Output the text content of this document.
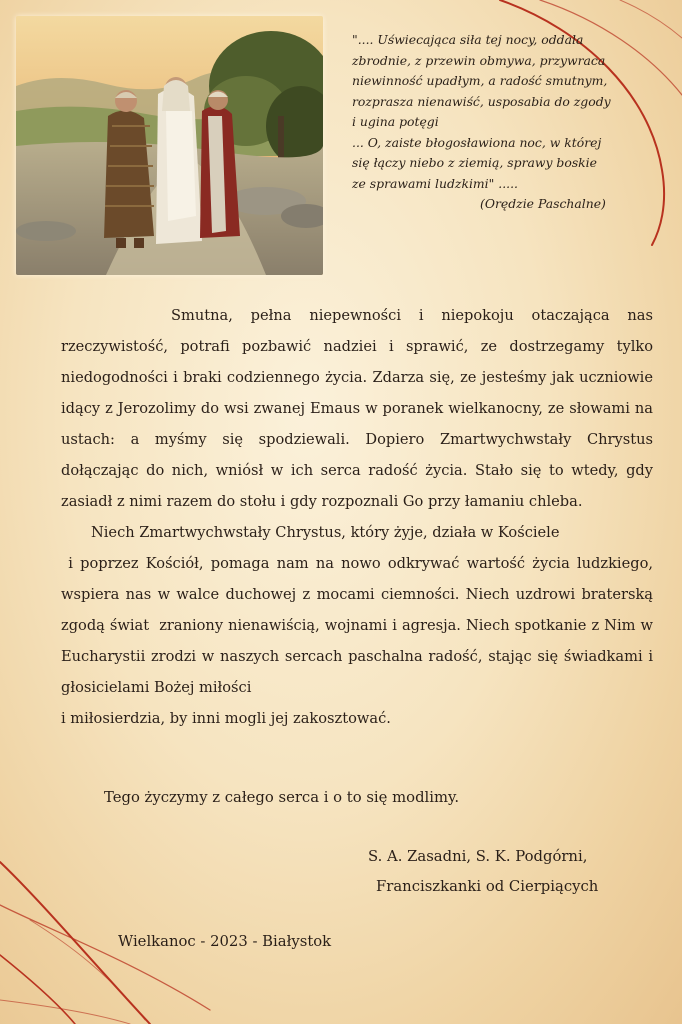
".... Uświecająca siła tej nocy, oddala
zbrodnie, z przewin obmywa, przywraca
niewinność upadłym, a radość smutnym,
rozprasza nienawiść, usposabia do zgody
i ugina potęgi
... O, zaiste błogosławiona noc, w której
się łączy niebo z ziemią, sprawy boskie
ze sprawami ludzkimi" .....
(Orędzie Paschalne)

Smutna, pełna niepewności i niepokoju otaczająca nas rzeczywistość, potrafi pozbawić nadziei i sprawić, ze dostrzegamy tylko niedogodności i braki codziennego życia. Zdarza się, ze jesteśmy jak uczniowie idący z Jerozolimy do wsi zwanej Emaus w poranek wielkanocny, ze słowami na ustach: a myśmy się spodziewali. Dopiero Zmartwychwstały Chrystus dołączając do nich, wniósł w ich serca radość życia. Stało się to wtedy, gdy zasiadł z nimi razem do stołu i gdy rozpoznali Go przy łamaniu chleba.

Niech Zmartwychwstały Chrystus, który żyje, działa w Kościele

i poprzez Kościół, pomaga nam na nowo odkrywać wartość życia ludzkiego, wspiera nas w walce duchowej z mocami ciemności. Niech uzdrowi braterską zgodą świat  zraniony nienawiścią, wojnami i agresja. Niech spotkanie z Nim w Eucharystii zrodzi w naszych sercach paschalna radość, stając się świadkami i głosicielami Bożej miłości

i miłosierdzia, by inni mogli jej zakosztować.

Tego życzymy z całego serca i o to się modlimy.
S. A. Zasadni, S. K. Podgórni,
Franciszkanki od Cierpiących
Wielkanoc - 2023 - Białystok
